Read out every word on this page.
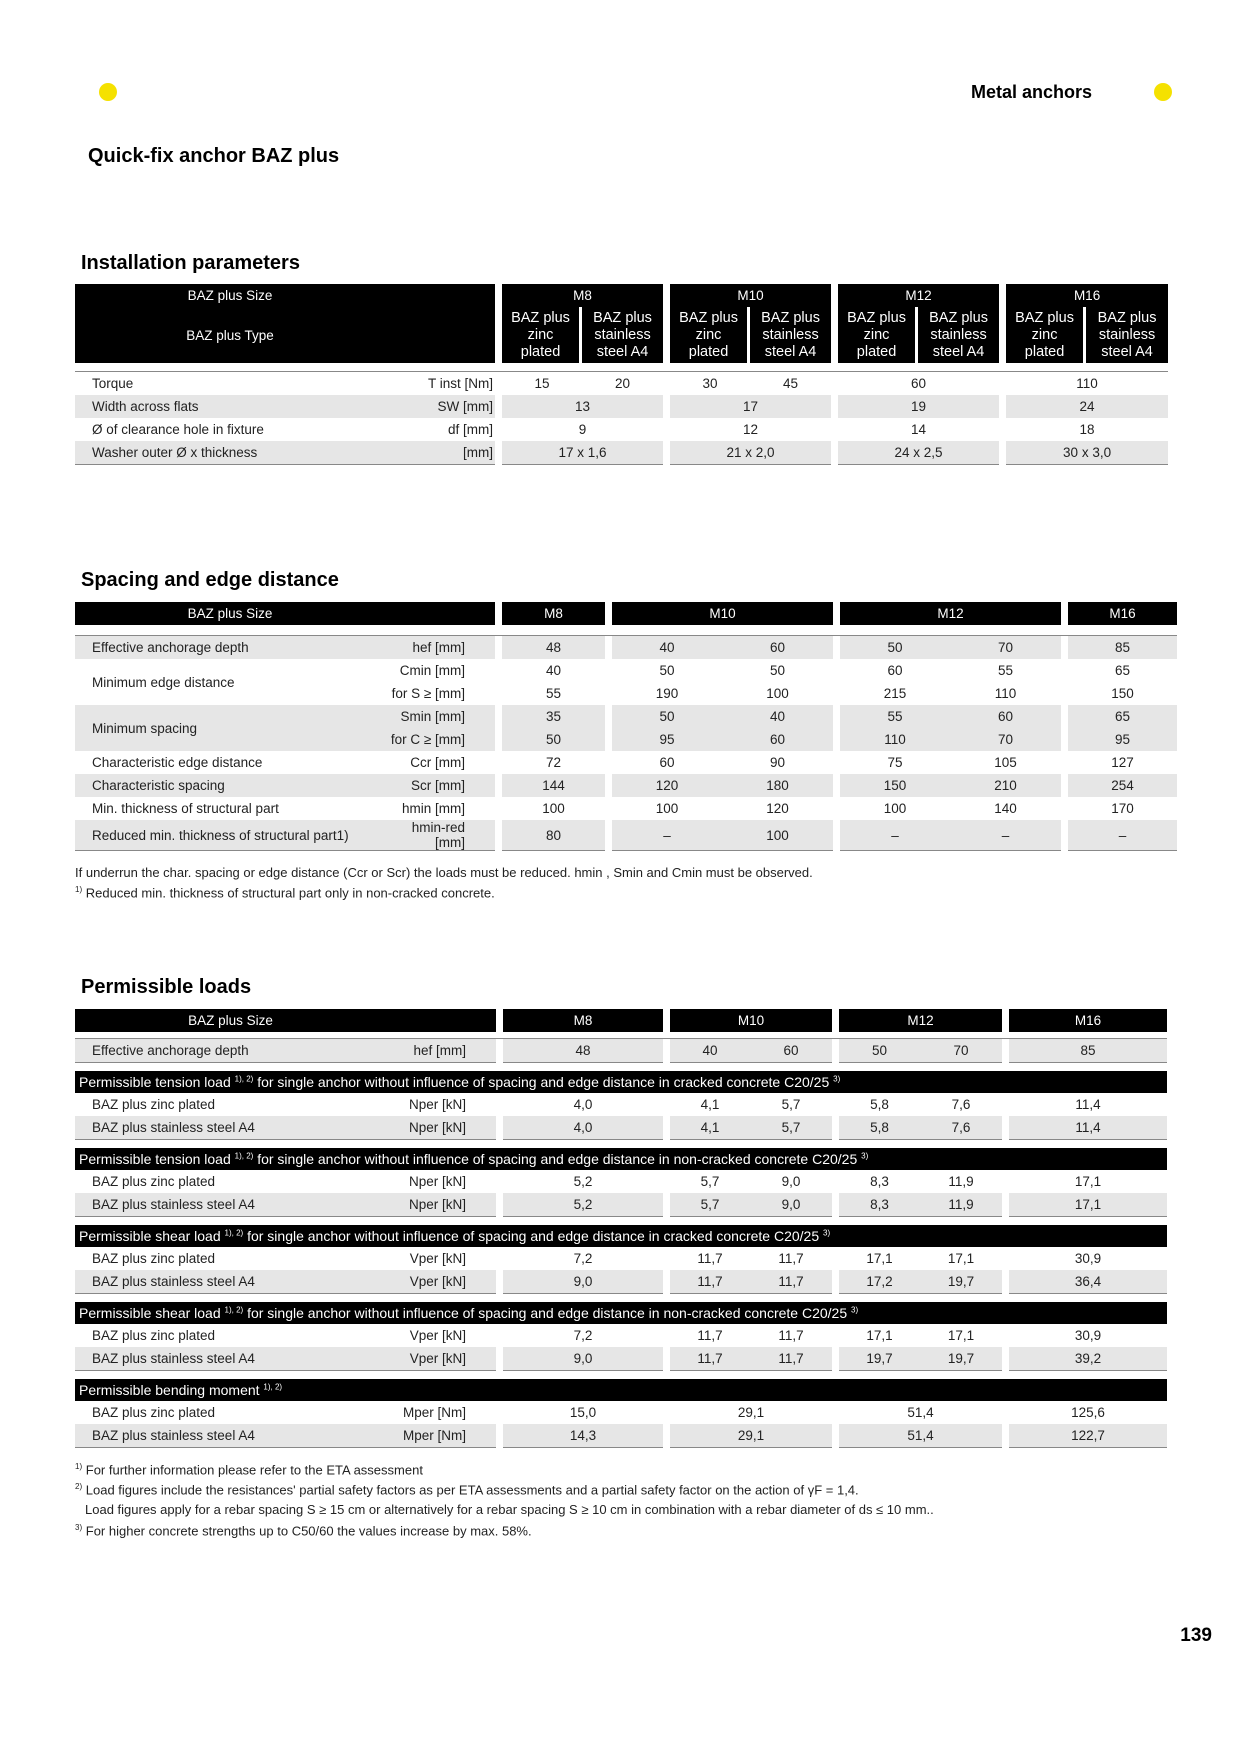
Metal anchors
Quick-fix anchor BAZ plus
Installation parameters
BAZ plus Size			M8			M10			M12			M16	
BAZ plus Type			BAZ plus
zinc
plated	BAZ plus
stainless
steel A4		BAZ plus
zinc
plated	BAZ plus
stainless
steel A4		BAZ plus
zinc
plated	BAZ plus
stainless
steel A4		BAZ plus
zinc
plated	BAZ plus
stainless
steel A4

Torque	T inst [Nm]		15	20		30	45		60			110	
Width across flats	SW [mm]		13			17			19			24	
Ø of clearance hole in fixture	df [mm]		9			12			14			18	
Washer outer Ø x thickness	[mm]		17 x 1,6			21 x 2,0			24 x 2,5			30 x 3,0	
Spacing and edge distance
BAZ plus Size			M8		M10			M12			M16

Effective anchorage depth	hef [mm]		48		40	60		50	70		85
Minimum edge distance	Cmin [mm]		40		50	50		60	55		65
	for S ≥ [mm]		55		190	100		215	110		150
Minimum spacing	Smin [mm]		35		50	40		55	60		65
	for C ≥ [mm]		50		95	60		110	70		95
Characteristic edge distance	Ccr [mm]		72		60	90		75	105		127
Characteristic spacing	Scr [mm]		144		120	180		150	210		254
Min. thickness of structural part	hmin [mm]		100		100	120		100	140		170
Reduced min. thickness of structural part1)	hmin-red [mm]		80		–	100		–	–		–
If underrun the char. spacing or edge distance (Ccr or Scr) the loads must be reduced. hmin , Smin and Cmin must be observed.
$^{1)}$ Reduced min. thickness of structural part only in non-cracked concrete.
Permissible loads
BAZ plus Size			M8		M10			M12			M16

Effective anchorage depth	hef [mm]		48		40	60		50	70		85

Permissible tension load $^{1), 2)}$ for single anchor without influence of spacing and edge distance in cracked concrete C20/25 $^{3)}$
BAZ plus zinc plated	Nper [kN]		4,0		4,1	5,7		5,8	7,6		11,4
BAZ plus stainless steel A4	Nper [kN]		4,0		4,1	5,7		5,8	7,6		11,4

Permissible tension load $^{1), 2)}$ for single anchor without influence of spacing and edge distance in non-cracked concrete C20/25 $^{3)}$
BAZ plus zinc plated	Nper [kN]		5,2		5,7	9,0		8,3	11,9		17,1
BAZ plus stainless steel A4	Nper [kN]		5,2		5,7	9,0		8,3	11,9		17,1

Permissible shear load $^{1), 2)}$ for single anchor without influence of spacing and edge distance in cracked concrete C20/25 $^{3)}$
BAZ plus zinc plated	Vper [kN]		7,2		11,7	11,7		17,1	17,1		30,9
BAZ plus stainless steel A4	Vper [kN]		9,0		11,7	11,7		17,2	19,7		36,4

Permissible shear load $^{1), 2)}$ for single anchor without influence of spacing and edge distance in non-cracked concrete C20/25 $^{3)}$
BAZ plus zinc plated	Vper [kN]		7,2		11,7	11,7		17,1	17,1		30,9
BAZ plus stainless steel A4	Vper [kN]		9,0		11,7	11,7		19,7	19,7		39,2

Permissible bending moment $^{1), 2)}$
BAZ plus zinc plated	Mper [Nm]		15,0		29,1			51,4			125,6
BAZ plus stainless steel A4	Mper [Nm]		14,3		29,1			51,4			122,7
$^{1)}$ For further information please refer to the ETA assessment
$^{2)}$ Load figures include the resistances' partial safety factors as per ETA assessments and a partial safety factor on the action of γF = 1,4.
Load figures apply for a rebar spacing S ≥ 15 cm or alternatively for a rebar spacing S ≥ 10 cm in combination with a rebar diameter of ds ≤ 10 mm..
$^{3)}$ For higher concrete strengths up to C50/60 the values increase by max. 58%.
139
